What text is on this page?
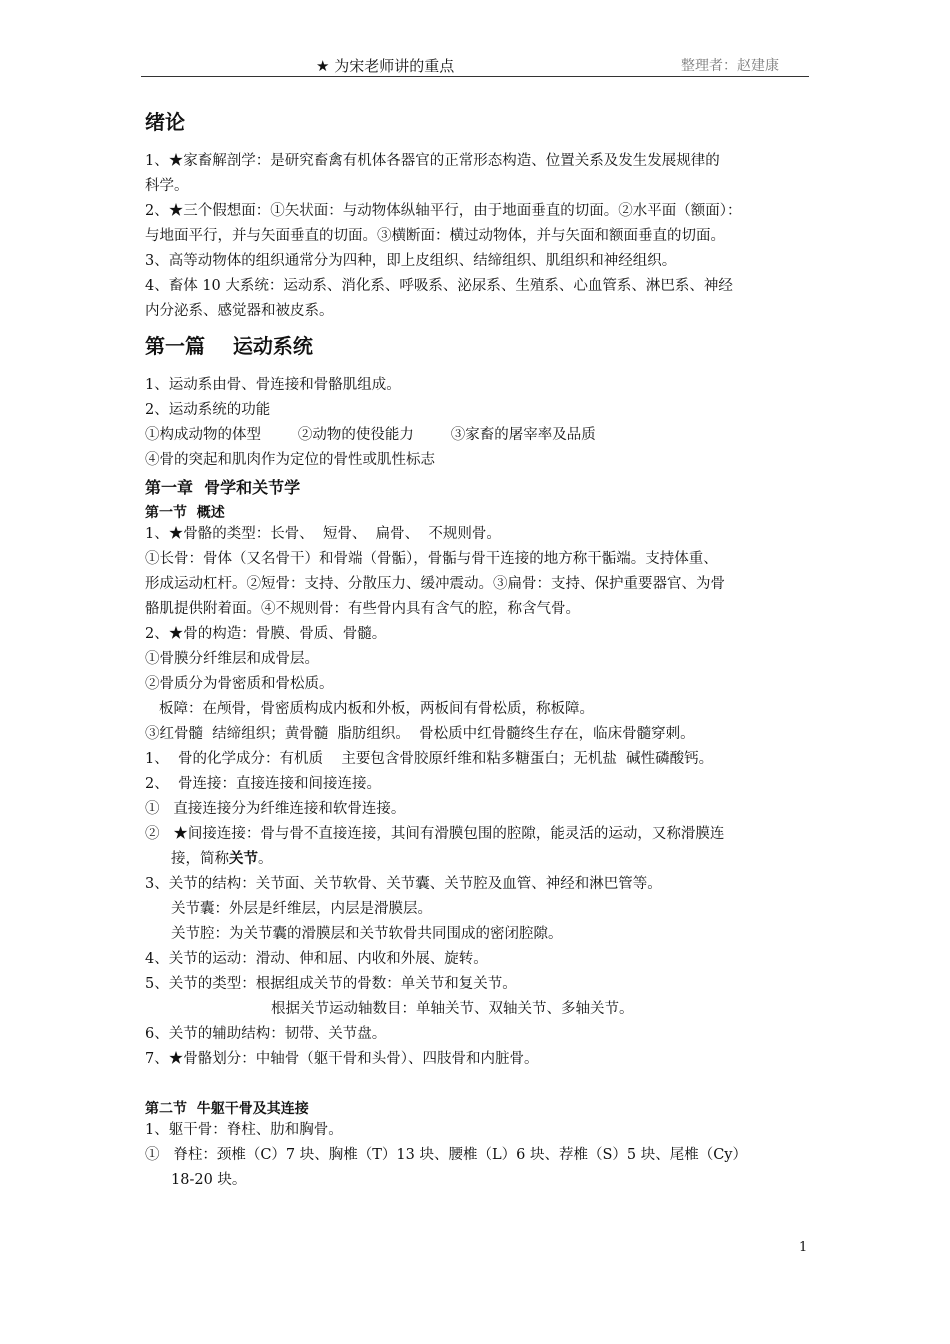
★ 为宋老师讲的重点	整理者：赵建康
绪论

1、★家畜解剖学：是研究畜禽有机体各器官的正常形态构造、位置关系及发生发展规律的

科学。

2、★三个假想面：①矢状面：与动物体纵轴平行，由于地面垂直的切面。②水平面（额面）：

与地面平行，并与矢面垂直的切面。③横断面：横过动物体，并与矢面和额面垂直的切面。

3、高等动物体的组织通常分为四种，即上皮组织、结缔组织、肌组织和神经组织。

4、畜体 10 大系统：运动系、消化系、呼吸系、泌尿系、生殖系、心血管系、淋巴系、神经

内分泌系、感觉器和被皮系。

第一篇    运动系统

1、运动系由骨、骨连接和骨骼肌组成。

2、运动系统的功能

①构成动物的体型        ②动物的使役能力        ③家畜的屠宰率及品质

④骨的突起和肌肉作为定位的骨性或肌性标志

第一章  骨学和关节学
第一节  概述

1、★骨骼的类型：长骨、  短骨、  扁骨、  不规则骨。

①长骨：骨体（又名骨干）和骨端（骨骺），骨骺与骨干连接的地方称干骺端。支持体重、

形成运动杠杆。②短骨：支持、分散压力、缓冲震动。③扁骨：支持、保护重要器官、为骨

骼肌提供附着面。④不规则骨：有些骨内具有含气的腔，称含气骨。

2、★骨的构造：骨膜、骨质、骨髓。

①骨膜分纤维层和成骨层。

②骨质分为骨密质和骨松质。

板障：在颅骨，骨密质构成内板和外板，两板间有骨松质，称板障。

③红骨髓  结缔组织；黄骨髓  脂肪组织。  骨松质中红骨髓终生存在，临床骨髓穿刺。

1、  骨的化学成分：有机质    主要包含骨胶原纤维和粘多糖蛋白；无机盐  碱性磷酸钙。

2、  骨连接：直接连接和间接连接。

①   直接连接分为纤维连接和软骨连接。

②   ★间接连接：骨与骨不直接连接，其间有滑膜包围的腔隙，能灵活的运动，又称滑膜连

接，简称关节。

3、关节的结构：关节面、关节软骨、关节囊、关节腔及血管、神经和淋巴管等。

关节囊：外层是纤维层，内层是滑膜层。

关节腔：为关节囊的滑膜层和关节软骨共同围成的密闭腔隙。

4、关节的运动：滑动、伸和屈、内收和外展、旋转。

5、关节的类型：根据组成关节的骨数：单关节和复关节。

根据关节运动轴数目：单轴关节、双轴关节、多轴关节。

6、关节的辅助结构：韧带、关节盘。

7、★骨骼划分：中轴骨（躯干骨和头骨）、四肢骨和内脏骨。

第二节  牛躯干骨及其连接

1、躯干骨：脊柱、肋和胸骨。

①   脊柱：颈椎（C）7 块、胸椎（T）13 块、腰椎（L）6 块、荐椎（S）5 块、尾椎（Cy）

18-20 块。

1
